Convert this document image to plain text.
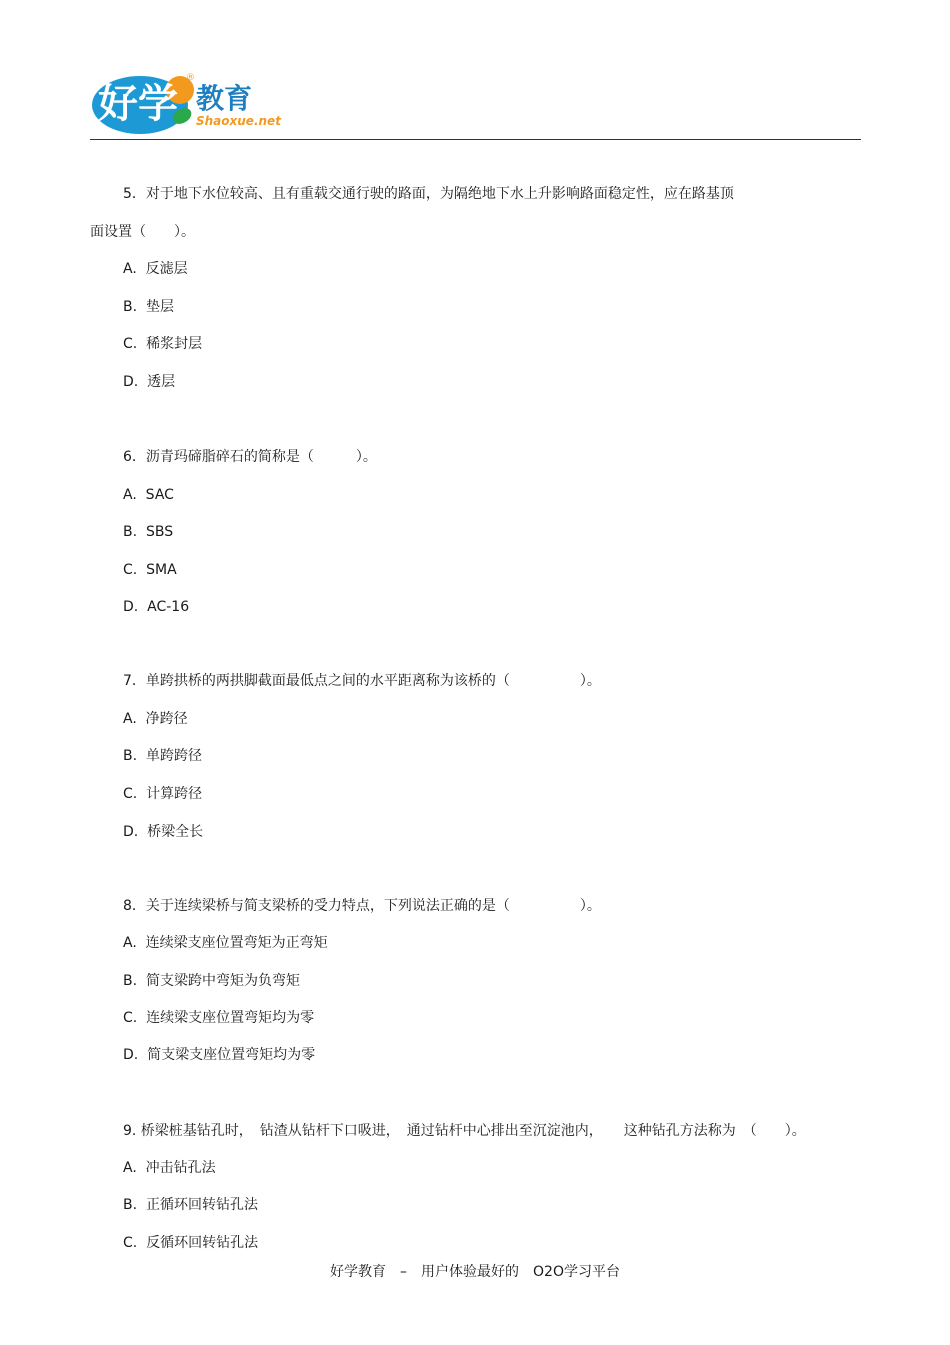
好学 教育
Shaoxue.net
®
5．对于地下水位较高、且有重载交通行驶的路面，为隔绝地下水上升影响路面稳定性，应在路基顶
面设置（　　）。
A.  反滤层
B.  垫层
C.  稀浆封层
D.  透层
6．沥青玛碲脂碎石的简称是（　　　）。
A.  SAC
B.  SBS
C.  SMA
D.  AC-16
7．单跨拱桥的两拱脚截面最低点之间的水平距离称为该桥的（　　　　　）。
A.  净跨径
B.  单跨跨径
C.  计算跨径
D.  桥梁全长
8．关于连续梁桥与简支梁桥的受力特点，下列说法正确的是（　　　　　）。
A.  连续梁支座位置弯矩为正弯矩
B.  简支梁跨中弯矩为负弯矩
C.  连续梁支座位置弯矩均为零
D.  简支梁支座位置弯矩均为零
9. 桥梁桩基钻孔时，　钻渣从钻杆下口吸进，　通过钻杆中心排出至沉淀池内，　　这种钻孔方法称为　（　　）。
A.  冲击钻孔法
B.  正循环回转钻孔法
C.  反循环回转钻孔法
好学教育　–　用户体验最好的　O2O学习平台
